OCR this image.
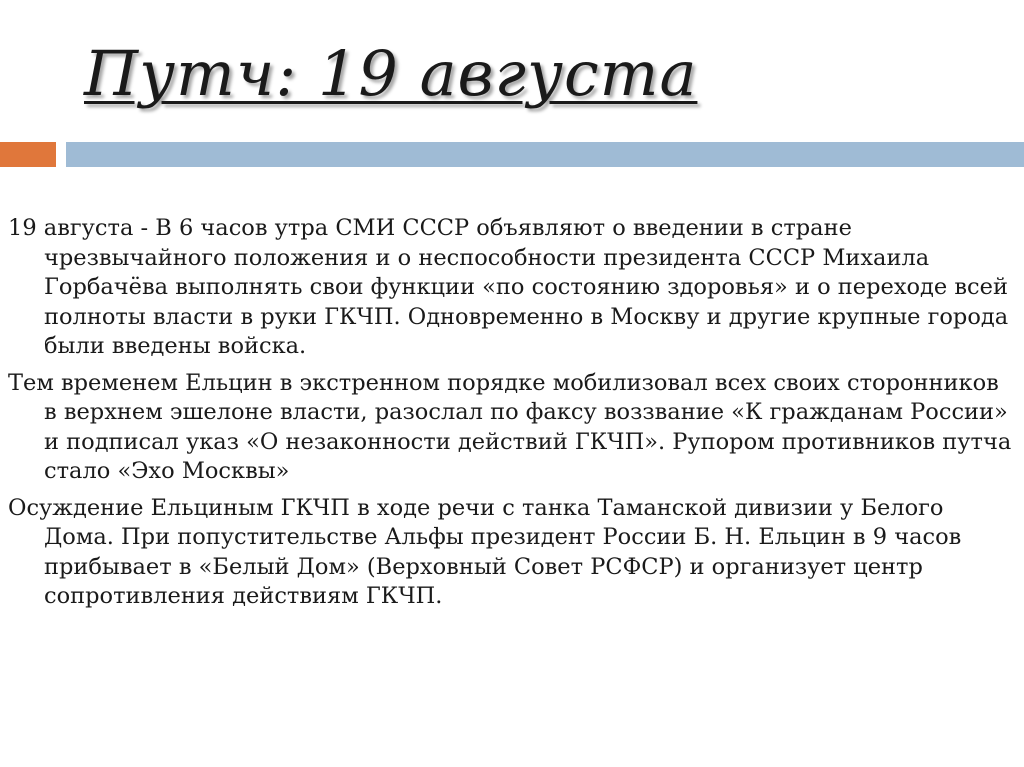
Путч: 19 августа

19 августа - В 6 часов утра СМИ СССР объявляют о введении в стране чрезвычайного положения и о неспособности президента СССР Михаила Горбачёва выполнять свои функции «по состоянию здоровья» и о переходе всей полноты власти в руки ГКЧП. Одновременно в Москву и другие крупные города были введены войска.

Тем временем Ельцин в экстренном порядке мобилизовал всех своих сторонников в верхнем эшелоне власти, разослал по факсу воззвание «К гражданам России» и подписал указ «О незаконности действий ГКЧП». Рупором противников путча стало «Эхо Москвы»

Осуждение Ельциным ГКЧП в ходе речи с танка Таманской дивизии у Белого Дома. При попустительстве Альфы президент России Б. Н. Ельцин в 9 часов прибывает в «Белый Дом» (Верховный Совет РСФСР) и организует центр сопротивления действиям ГКЧП.
